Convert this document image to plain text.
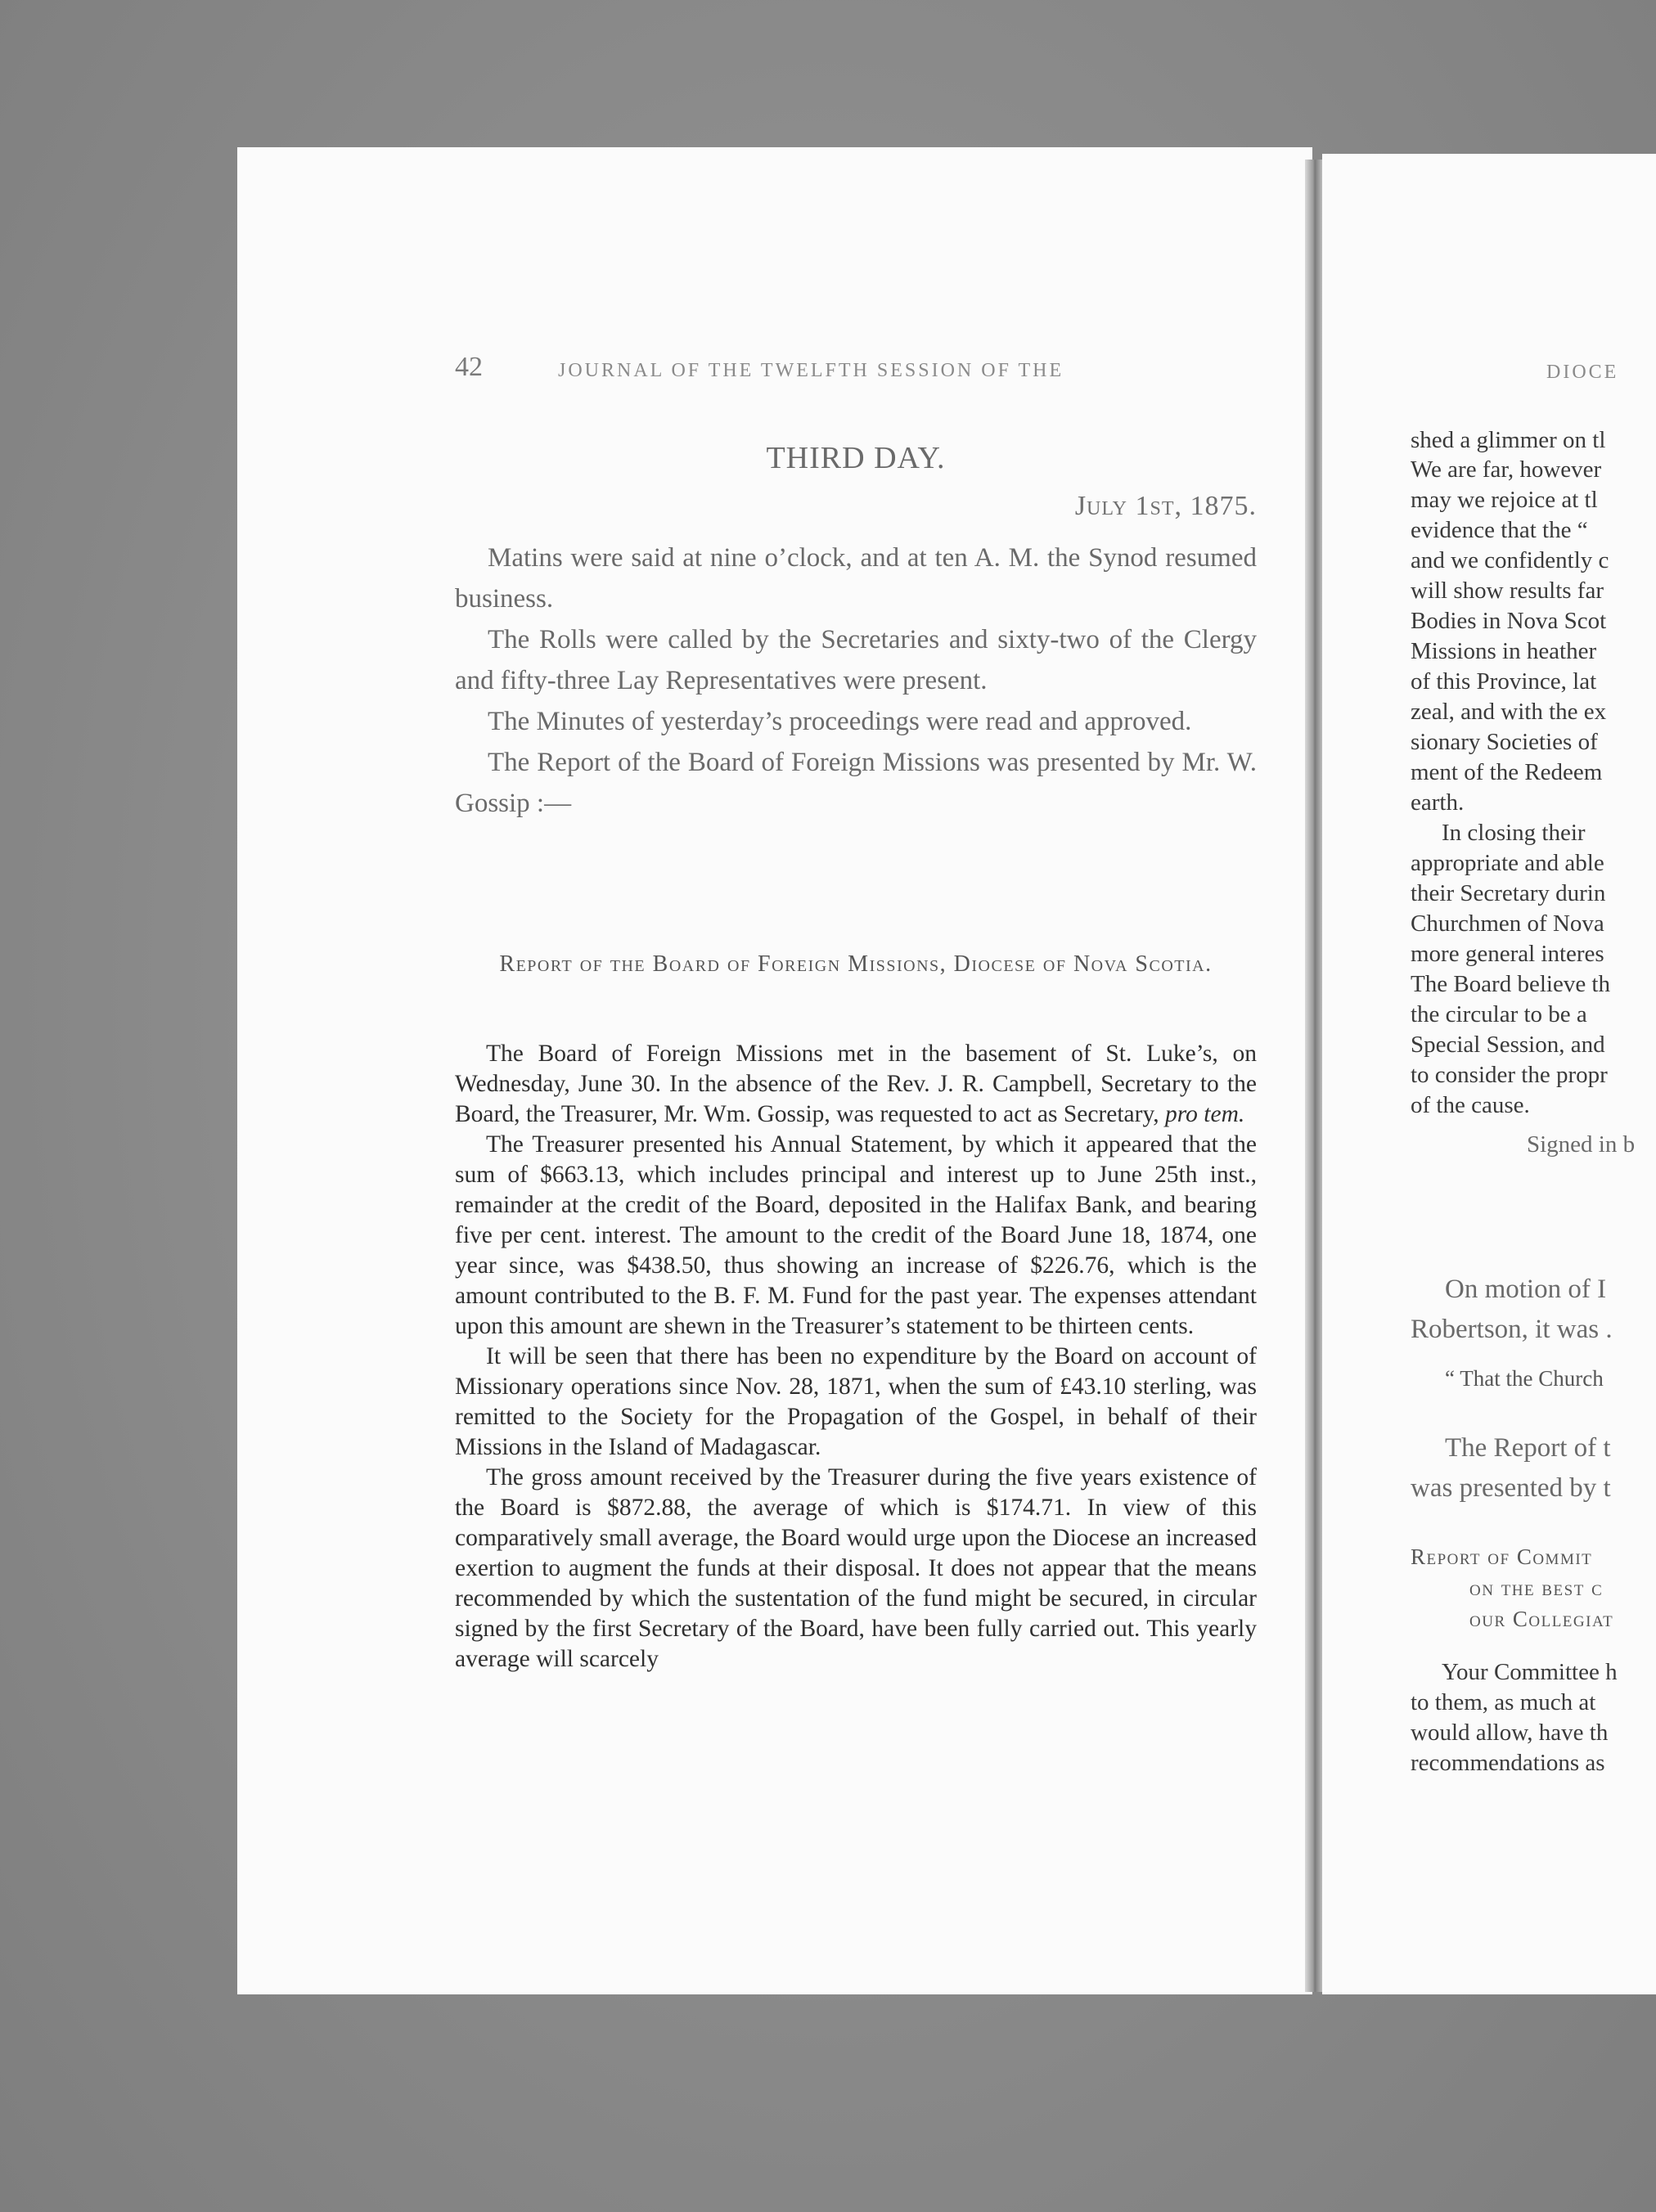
42	JOURNAL OF THE TWELFTH SESSION OF THE
THIRD DAY.
July 1st, 1875.

Matins were said at nine o’clock, and at ten A. M. the Synod resumed business.

The Rolls were called by the Secretaries and sixty-two of the Clergy and fifty-three Lay Representatives were present.

The Minutes of yesterday’s proceedings were read and approved.

The Report of the Board of Foreign Missions was presented by Mr. W. Gossip :—

Report of the Board of Foreign Missions, Diocese of Nova Scotia.

The Board of Foreign Missions met in the basement of St. Luke’s, on Wednesday, June 30. In the absence of the Rev. J. R. Campbell, Secretary to the Board, the Treasurer, Mr. Wm. Gossip, was requested to act as Secretary, pro tem.

The Treasurer presented his Annual Statement, by which it appeared that the sum of $663.13, which includes principal and interest up to June 25th inst., remainder at the credit of the Board, deposited in the Halifax Bank, and bearing five per cent. interest. The amount to the credit of the Board June 18, 1874, one year since, was $438.50, thus showing an increase of $226.76, which is the amount contributed to the B. F. M. Fund for the past year. The expenses attendant upon this amount are shewn in the Treasurer’s statement to be thirteen cents.

It will be seen that there has been no expenditure by the Board on account of Missionary operations since Nov. 28, 1871, when the sum of £43.10 sterling, was remitted to the Society for the Propagation of the Gospel, in behalf of their Missions in the Island of Madagascar.

The gross amount received by the Treasurer during the five years existence of the Board is $872.88, the average of which is $174.71. In view of this comparatively small average, the Board would urge upon the Diocese an increased exertion to augment the funds at their disposal. It does not appear that the means recommended by which the sustentation of the fund might be secured, in circular signed by the first Secretary of the Board, have been fully carried out. This yearly average will scarcely

DIOCE
shed a glimmer on tl
We are far, however
may we rejoice at tl
evidence that the “
and we confidently c
will show results far
Bodies in Nova Scot
Missions in heather
of this Province, lat
zeal, and with the ex
sionary Societies of
ment of the Redeem
earth.
In closing their
appropriate and able
their Secretary durin
Churchmen of Nova
more general interes
The Board believe th
the circular to be a
Special Session, and
to consider the propr
of the cause.
Signed in b
On motion of I
Robertson, it was .
“ That the Church
The Report of t
was presented by t
Report of Commit
on the best c
our Collegiat
Your Committee h
to them, as much at
would allow, have th
recommendations as
